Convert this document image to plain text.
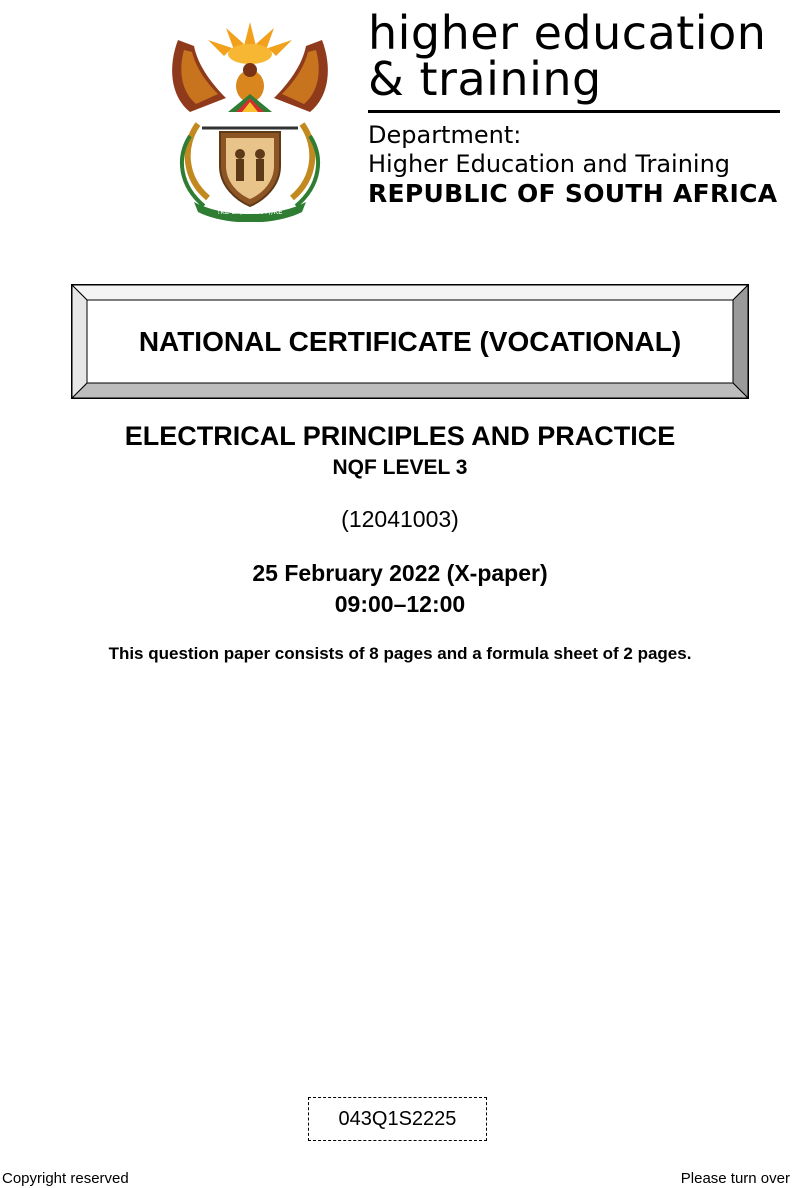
!KE E: /XARRA //KE
higher education
& training
Department:
Higher Education and Training
REPUBLIC OF SOUTH AFRICA
NATIONAL CERTIFICATE (VOCATIONAL)
ELECTRICAL PRINCIPLES AND PRACTICE
NQF LEVEL 3
(12041003)
25 February 2022 (X-paper)
09:00–12:00
This question paper consists of 8 pages and a formula sheet of 2 pages.
043Q1S2225
Copyright reserved	Please turn over
